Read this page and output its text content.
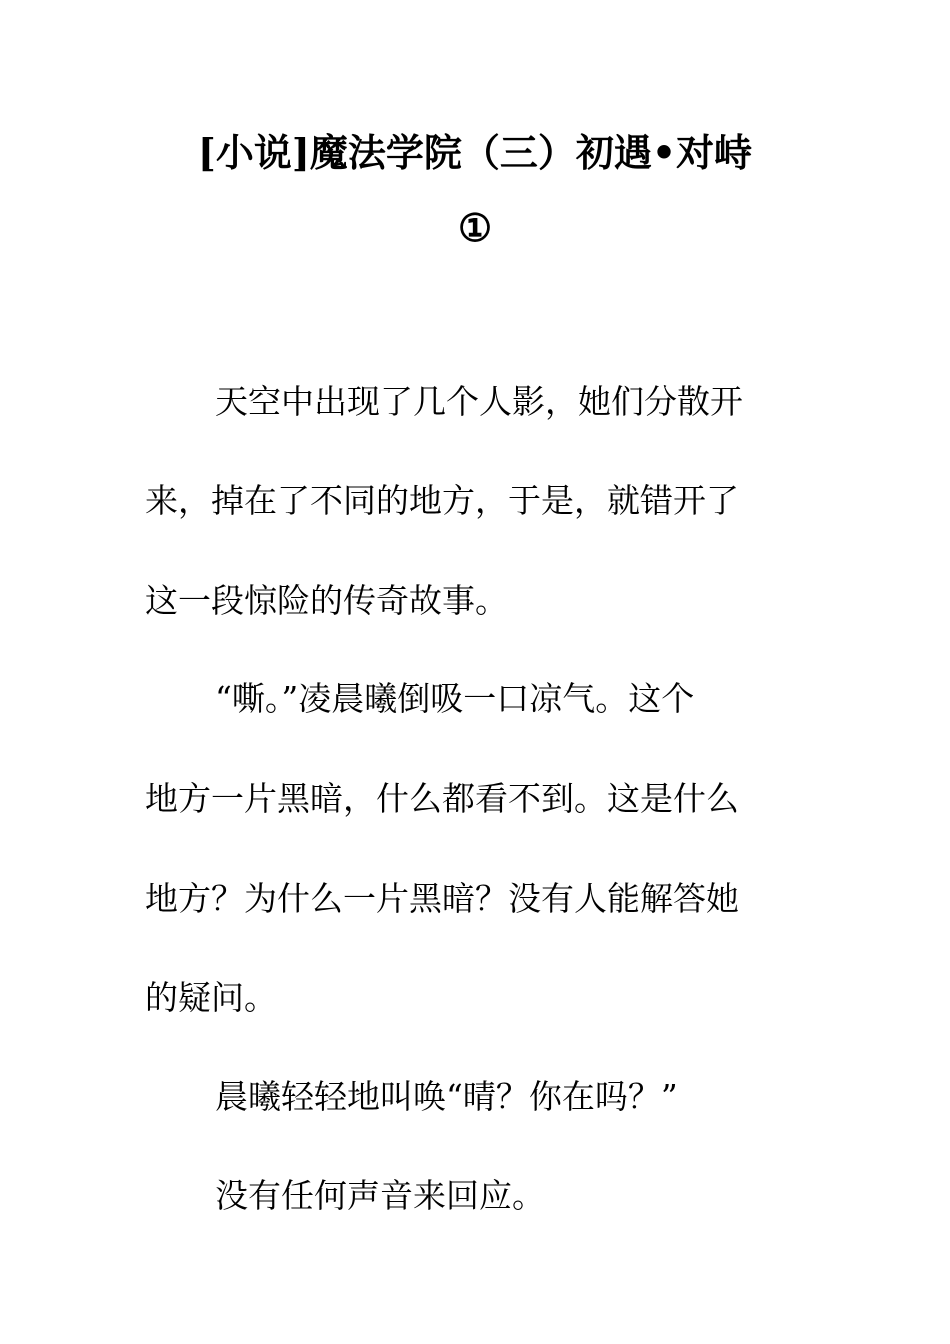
[小说]魔法学院（三）初遇•对峙
①

天空中出现了几个人影，她们分散开

来，掉在了不同的地方，于是，就错开了

这一段惊险的传奇故事。

“嘶。”凌晨曦倒吸一口凉气。这个

地方一片黑暗，什么都看不到。这是什么

地方？为什么一片黑暗？没有人能解答她

的疑问。

晨曦轻轻地叫唤“晴？你在吗？”

没有任何声音来回应。
